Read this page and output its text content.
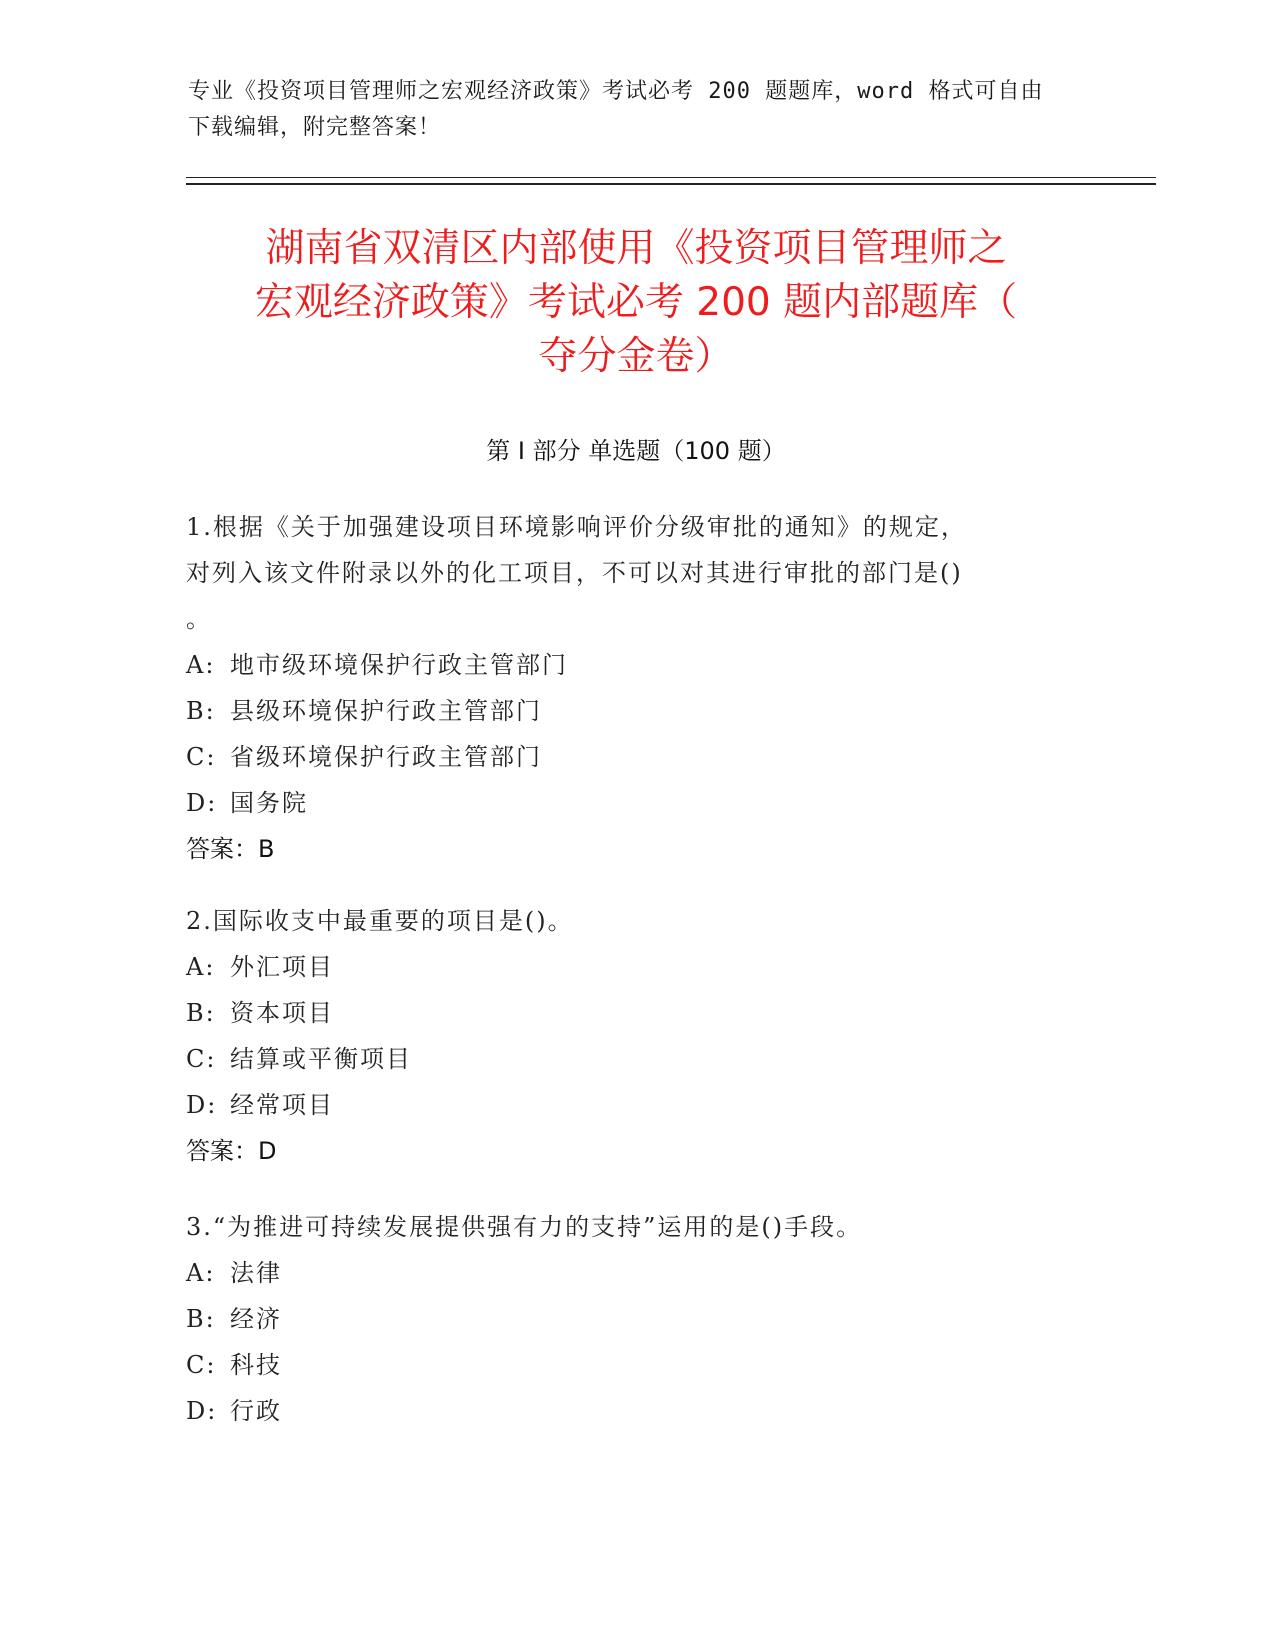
专业《投资项目管理师之宏观经济政策》考试必考 200 题题库，word 格式可自由
下载编辑，附完整答案！
湖南省双清区内部使用《投资项目管理师之
宏观经济政策》考试必考 200 题内部题库（
夺分金卷）
第 I 部分 单选题（100 题）

1.根据《关于加强建设项目环境影响评价分级审批的通知》的规定，

对列入该文件附录以外的化工项目，不可以对其进行审批的部门是()

。

A: 地市级环境保护行政主管部门

B: 县级环境保护行政主管部门

C: 省级环境保护行政主管部门

D: 国务院

答案：B

2.国际收支中最重要的项目是()。

A: 外汇项目

B: 资本项目

C: 结算或平衡项目

D: 经常项目

答案：D

3.“为推进可持续发展提供强有力的支持”运用的是()手段。

A: 法律

B: 经济

C: 科技

D: 行政
